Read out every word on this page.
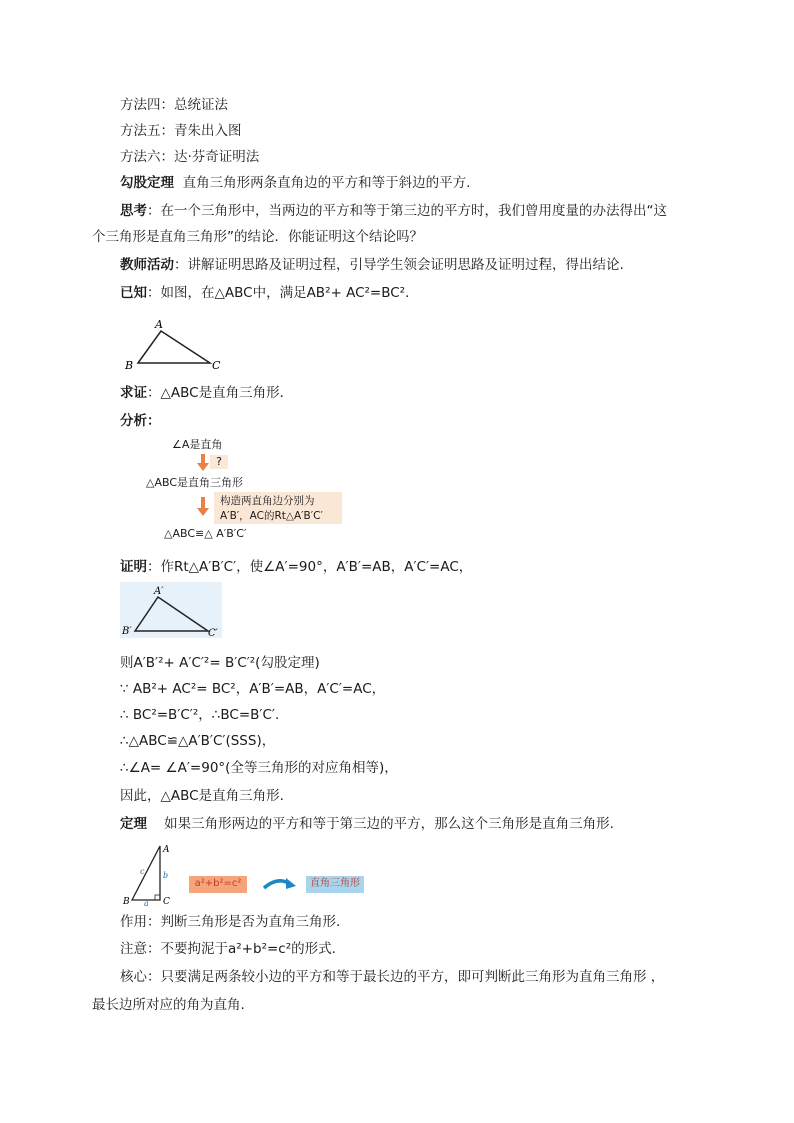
方法四：总统证法
方法五：青朱出入图
方法六：达·芬奇证明法
勾股定理 直角三角形两条直角边的平方和等于斜边的平方.
思考：在一个三角形中，当两边的平方和等于第三边的平方时，我们曾用度量的办法得出“这
个三角形是直角三角形”的结论．你能证明这个结论吗？
教师活动：讲解证明思路及证明过程，引导学生领会证明思路及证明过程，得出结论.
已知：如图，在△ABC中，满足AB²+ AC²=BC²．
A
B	C
求证：△ABC是直角三角形．
分析：
∠A是直角
?
△ABC是直角三角形
构造两直角边分别为
A′B′，AC的Rt△A′B′C′
△ABC≌△ A′B′C′
证明：作Rt△A′B′C′，使∠A′=90°，A′B′=AB，A′C′=AC，
A′
B′	C′
则A′B′²+ A′C′²= B′C′²(勾股定理)
∵ AB²+ AC²= BC²，A′B′=AB，A′C′=AC，
∴ BC²=B′C′²，∴BC=B′C′.
∴△ABC≌△A′B′C′(SSS)，
∴∠A= ∠A′=90°(全等三角形的对应角相等)，
因此，△ABC是直角三角形.
定理 如果三角形两边的平方和等于第三边的平方，那么这个三角形是直角三角形.
A
B	C
c b
a
a²+b²=c²	直角三角形
作用：判断三角形是否为直角三角形.
注意：不要拘泥于a²+b²=c²的形式.
核心：只要满足两条较小边的平方和等于最长边的平方，即可判断此三角形为直角三角形 ，
最长边所对应的角为直角.
